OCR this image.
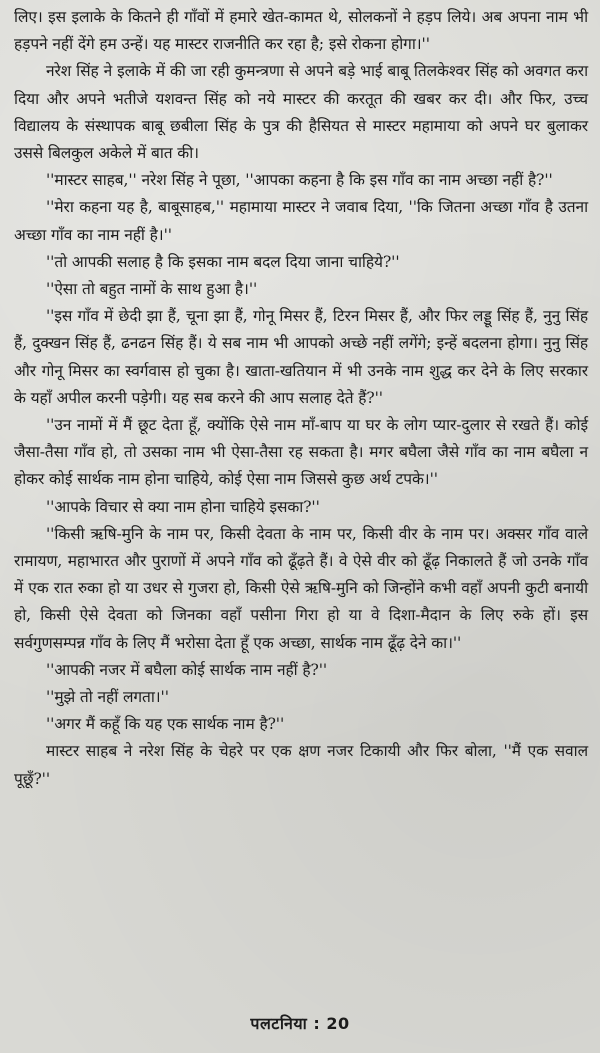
लिए। इस इलाके के कितने ही गाँवों में हमारे खेत-कामत थे, सोलकनों ने हड़प लिये। अब अपना नाम भी हड़पने नहीं देंगे हम उन्हें। यह मास्टर राजनीति कर रहा है; इसे रोकना होगा।''

नरेश सिंह ने इलाके में की जा रही कुमन्त्रणा से अपने बड़े भाई बाबू तिलकेश्वर सिंह को अवगत करा दिया और अपने भतीजे यशवन्त सिंह को नये मास्टर की करतूत की खबर कर दी। और फिर, उच्च विद्यालय के संस्थापक बाबू छबीला सिंह के पुत्र की हैसियत से मास्टर महामाया को अपने घर बुलाकर उससे बिलकुल अकेले में बात की।

''मास्टर साहब,'' नरेश सिंह ने पूछा, ''आपका कहना है कि इस गाँव का नाम अच्छा नहीं है?''

''मेरा कहना यह है, बाबूसाहब,'' महामाया मास्टर ने जवाब दिया, ''कि जितना अच्छा गाँव है उतना अच्छा गाँव का नाम नहीं है।''

''तो आपकी सलाह है कि इसका नाम बदल दिया जाना चाहिये?''

''ऐसा तो बहुत नामों के साथ हुआ है।''

''इस गाँव में छेदी झा हैं, चूना झा हैं, गोनू मिसर हैं, टिरन मिसर हैं, और फिर लड्डू सिंह हैं, नुनु सिंह हैं, दुक्खन सिंह हैं, ढनढन सिंह हैं। ये सब नाम भी आपको अच्छे नहीं लगेंगे; इन्हें बदलना होगा। नुनु सिंह और गोनू मिसर का स्वर्गवास हो चुका है। खाता-खतियान में भी उनके नाम शुद्ध कर देने के लिए सरकार के यहाँ अपील करनी पड़ेगी। यह सब करने की आप सलाह देते हैं?''

''उन नामों में मैं छूट देता हूँ, क्योंकि ऐसे नाम माँ-बाप या घर के लोग प्यार-दुलार से रखते हैं। कोई जैसा-तैसा गाँव हो, तो उसका नाम भी ऐसा-तैसा रह सकता है। मगर बघैला जैसे गाँव का नाम बघैला न होकर कोई सार्थक नाम होना चाहिये, कोई ऐसा नाम जिससे कुछ अर्थ टपके।''

''आपके विचार से क्या नाम होना चाहिये इसका?''

''किसी ऋषि-मुनि के नाम पर, किसी देवता के नाम पर, किसी वीर के नाम पर। अक्सर गाँव वाले रामायण, महाभारत और पुराणों में अपने गाँव को ढूँढ़ते हैं। वे ऐसे वीर को ढूँढ़ निकालते हैं जो उनके गाँव में एक रात रुका हो या उधर से गुजरा हो, किसी ऐसे ऋषि-मुनि को जिन्होंने कभी वहाँ अपनी कुटी बनायी हो, किसी ऐसे देवता को जिनका वहाँ पसीना गिरा हो या वे दिशा-मैदान के लिए रुके हों। इस सर्वगुणसम्पन्न गाँव के लिए मैं भरोसा देता हूँ एक अच्छा, सार्थक नाम ढूँढ़ देने का।''

''आपकी नजर में बघैला कोई सार्थक नाम नहीं है?''

''मुझे तो नहीं लगता।''

''अगर मैं कहूँ कि यह एक सार्थक नाम है?''

मास्टर साहब ने नरेश सिंह के चेहरे पर एक क्षण नजर टिकायी और फिर बोला, ''मैं एक सवाल पूछूँ?''

पलटनिया : 20
